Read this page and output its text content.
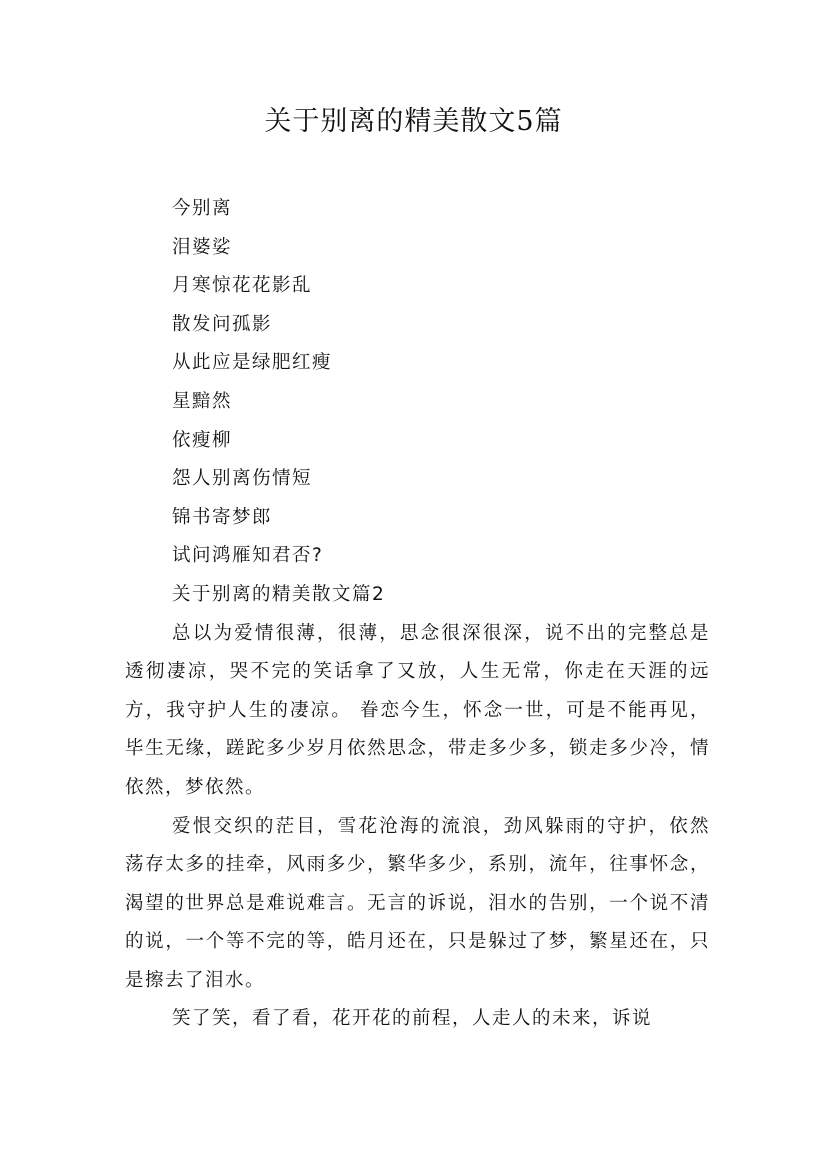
关于别离的精美散文5篇

今别离

泪婆娑

月寒惊花花影乱

散发问孤影

从此应是绿肥红瘦

星黯然

依瘦柳

怨人别离伤情短

锦书寄梦郎

试问鸿雁知君否?

关于别离的精美散文篇2

总以为爱情很薄，很薄，思念很深很深，说不出的完整总是透彻凄凉，哭不完的笑话拿了又放，人生无常，你走在天涯的远方，我守护人生的凄凉。 眷恋今生，怀念一世，可是不能再见，毕生无缘，蹉跎多少岁月依然思念，带走多少多，锁走多少冷，情依然，梦依然。

爱恨交织的茫目，雪花沧海的流浪，劲风躲雨的守护，依然荡存太多的挂牵，风雨多少，繁华多少，系别，流年，往事怀念，渴望的世界总是难说难言。无言的诉说，泪水的告别，一个说不清的说，一个等不完的等，皓月还在，只是躲过了梦，繁星还在，只是擦去了泪水。

笑了笑，看了看，花开花的前程，人走人的未来，诉说
